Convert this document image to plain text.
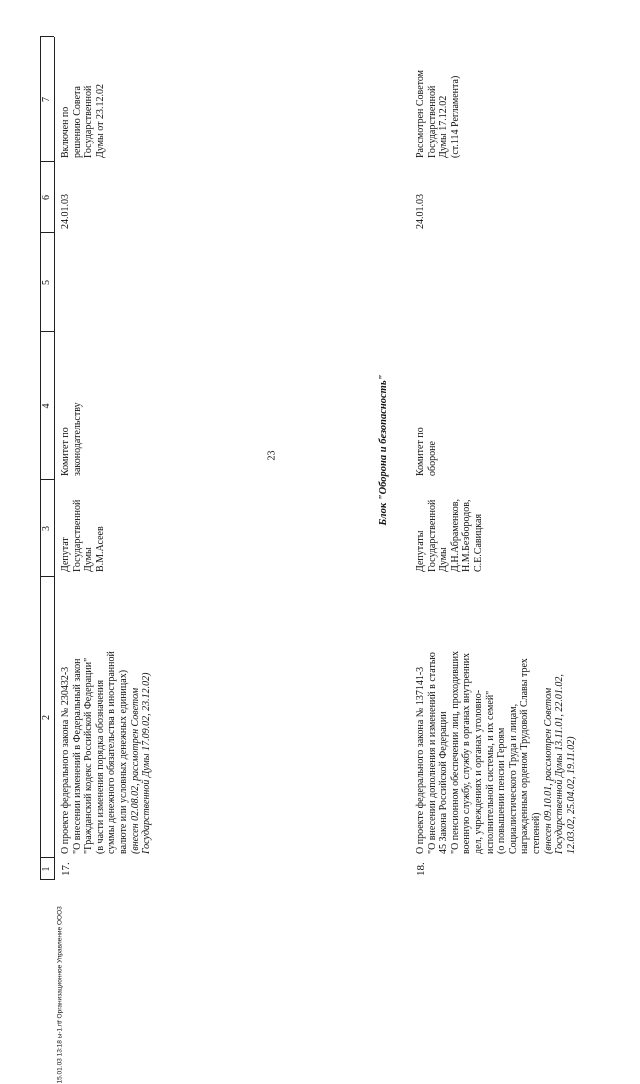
23
15.01.03 13:18 ы-1.rtf Организационное Управление ООО3
1
2
3
4
5
6
7
17.
О проекте федерального закона № 230432-3 "О внесении изменений в Федеральный закон "Гражданский кодекс Российской Федерации" (в части изменения порядка обозначения суммы денежного обязательства в иностранной валюте или условных денежных единицах) (внесен 02.08.02, рассмотрен Советом Государственной Думы 17.09.02, 23.12.02)
Депутат Государственной Думы В.М.Асеев
Комитет по законодательству
24.01.03
Включен по решению Совета Государственной Думы от 23.12.02
Блок "Оборона и безопасность"
18.
О проекте федерального закона № 137141-3 "О внесении дополнения и изменений в статью 45 Закона Российской Федерации "О пенсионном обеспечении лиц, проходивших военную службу, службу в органах внутренних дел, учреждениях и органах уголовно- исполнительной системы, и их семей" (о повышении пенсии Героям Социалистического Труда и лицам, награжденным орденом Трудовой Славы трех степеней) (внесен 09.10.01, рассмотрен Советом Государственной Думы 13.11.01, 22.01.02, 12.03.02, 25.04.02, 19.11.02)
Депутаты Государственной Думы Д.Н.Абраменков, Н.М.Безбородов, С.Е.Савицкая
Комитет по обороне
24.01.03
Рассмотрен Советом Государственной Думы 17.12.02 (ст.114 Регламента)
